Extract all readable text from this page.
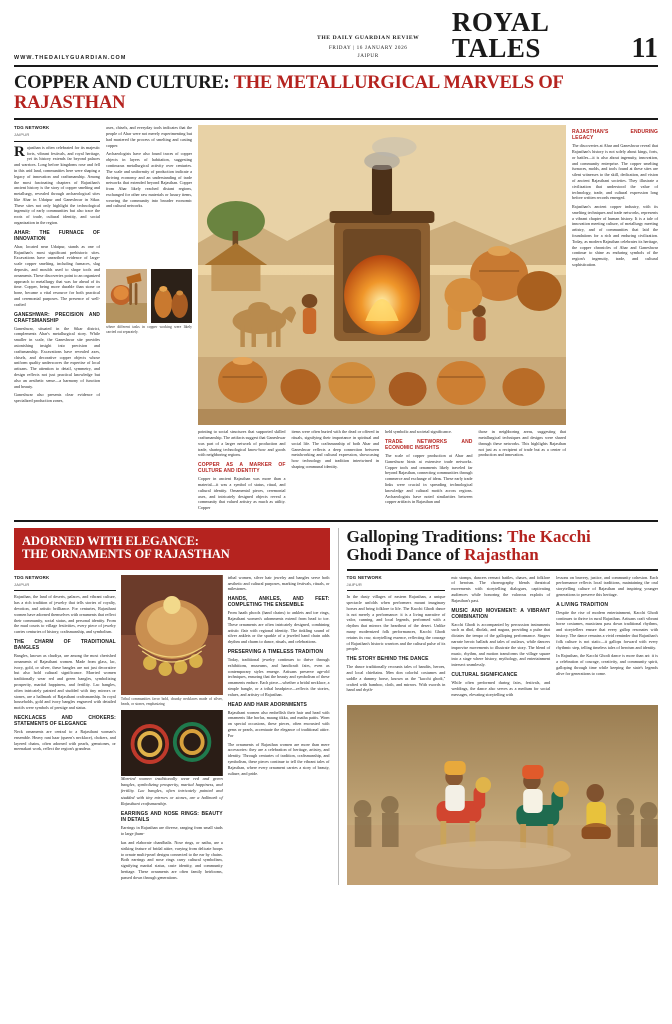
WWW.THEDAILYGUARDIAN.COM
THE DAILY GUARDIAN REVIEW
FRIDAY | 16 JANUARY 2026
JAIPUR
ROYAL TALES	11
COPPER AND CULTURE: THE METALLURGICAL MARVELS OF RAJASTHAN
TDG NETWORK
JAIPUR

Rajasthan is often celebrated for its majestic forts, vibrant festivals, and royal heritage, yet its history extends far beyond palaces and warriors. Long before kingdoms rose and fell in this arid land, communities here were shaping a legacy of innovation and craftsmanship. Among the most fascinating chapters of Rajasthan's ancient history is the story of copper smelting and metallurgy, revealed through archaeological sites like Ahar in Udaipur and Ganeshwar in Sikar. These sites not only highlight the technological ingenuity of early communities but also trace the roots of trade, cultural identity, and social organization in the region.

AHAR: THE FURNACE OF INNOVATION

Ahar, located near Udaipur, stands as one of Rajasthan's most significant prehistoric sites. Excavations have unearthed evidence of large-scale copper smelting, including furnaces, slag deposits, and moulds used to shape tools and ornaments. These discoveries point to an organized approach to metallurgy that was far ahead of its time. Copper, being more durable than stone or bone, became a vital resource for both practical and ceremonial purposes. The presence of well-crafted

GANESHWAR: PRECISION AND CRAFTSMANSHIP

Ganeshwar, situated in the Sikar district, complements Ahar's metallurgical story. While smaller in scale, the Ganeshwar site provides astonishing insight into precision and craftsmanship. Excavations have revealed axes, chisels, and decorative copper objects whose uniform quality underscores the expertise of local artisans. The attention to detail, symmetry, and design reflects not just practical knowledge but also an aesthetic sense—a harmony of function and beauty.

Ganeshwar also presents clear evidence of specialized production zones,

axes, chisels, and everyday tools indicates that the people of Ahar were not merely experimenting but had mastered the process of smelting and casting copper.

Archaeologists have also found traces of copper objects in layers of habitation, suggesting continuous metallurgical activity over centuries. The scale and uniformity of production indicate a thriving economy and an understanding of trade networks that extended beyond Rajasthan. Copper from Ahar likely reached distant regions, exchanged for other raw materials or luxury items, weaving the community into broader economic and cultural networks.

where different tasks in copper working were likely carried out separately.

pointing to social structures that supported skilled craftsmanship. The artifacts suggest that Ganeshwar was part of a larger network of production and trade, sharing technological know-how and goods with neighboring regions.

COPPER AS A MARKER OF CULTURE AND IDENTITY

Copper in ancient Rajasthan was more than a material—it was a symbol of status, ritual, and cultural identity. Ornamental pieces, ceremonial axes, and intricately designed objects reveal a community that valued artistry as much as utility. Copper

items were often buried with the dead or offered in rituals, signifying their importance in spiritual and social life. The craftsmanship of both Ahar and Ganeshwar reflects a deep connection between metalworking and cultural expression, showcasing how technology and tradition intertwined in shaping communal identity.

held symbolic and societal significance.

TRADE NETWORKS AND ECONOMIC INSIGHTS

The scale of copper production at Ahar and Ganeshwar hints at extensive trade networks. Copper tools and ornaments likely traveled far beyond Rajasthan, connecting communities through commerce and exchange of ideas. These early trade links were crucial in spreading technological knowledge and cultural motifs across regions. Archaeologists have noted similarities between copper artifacts in Rajasthan and

those in neighboring areas, suggesting that metallurgical techniques and designs were shared through these networks. This highlights Rajasthan not just as a recipient of trade but as a center of production and innovation.

RAJASTHAN'S ENDURING LEGACY

The discoveries at Ahar and Ganeshwar reveal that Rajasthan's history is not solely about kings, forts, or battles—it is also about ingenuity, innovation, and community enterprise. The copper smelting furnaces, molds, and tools found at these sites are silent witnesses to the skill, dedication, and vision of ancient Rajasthani societies. They illustrate a civilization that understood the value of technology, trade, and cultural expression long before written records emerged.

Rajasthan's ancient copper industry, with its smelting techniques and trade networks, represents a vibrant chapter of human history. It is a tale of innovation meeting culture, of metallurgy meeting artistry, and of communities that laid the foundations for a rich and enduring civilization. Today, as modern Rajasthan celebrates its heritage, the copper chronicles of Ahar and Ganeshwar continue to shine as enduring symbols of the region's ingenuity, trade, and cultural sophistication.

ADORNED WITH ELEGANCE:
THE ORNAMENTS OF RAJASTHAN
TDG NETWORK
JAIPUR

Rajasthan, the land of deserts, palaces, and vibrant culture, has a rich tradition of jewelry that tells stories of royalty, devotion, and artistic brilliance. For centuries, Rajasthani women have adorned themselves with ornaments that reflect their community, social status, and personal identity. From the mud courts to village festivities, every piece of jewelry carries centuries of history, craftsmanship, and symbolism.

THE CHARM OF TRADITIONAL BANGLES

Bangles, known as chudiya, are among the most cherished ornaments of Rajasthani women. Made from glass, lac, ivory, gold, or silver, these bangles are not just decorative but also hold cultural significance. Married women traditionally wear red and green bangles, symbolizing prosperity, marital happiness, and fertility. Lac bangles, often intricately painted and studded with tiny mirrors or stones, are a hallmark of Rajasthani craftsmanship. In royal households, gold and ivory bangles engraved with detailed motifs were symbols of prestige and status.

NECKLACES AND CHOKERS: STATEMENTS OF ELEGANCE

Neck ornaments are central to a Rajasthani woman's ensemble. Heavy rani haar (queen's necklace), chokers, and layered chains, often adorned with pearls, gemstones, or meenakari work, reflect the region's grandeur.

Tribal communities favor bold, chunky necklaces made of silver, beads, or stones, emphasizing

Married women traditionally wear red and green bangles, symbolizing prosperity, marital happiness, and fertility. Lac bangles, often intricately painted and studded with tiny mirrors or stones, are a hallmark of Rajasthani craftsmanship.

EARRINGS AND NOSE RINGS: BEAUTY IN DETAILS

Earrings in Rajasthan are diverse, ranging from small studs to large jhum-

tribal women, silver hair jewelry and bangles serve both aesthetic and cultural purposes, marking festivals, rituals, or milestones.

HANDS, ANKLES, AND FEET: COMPLETING THE ENSEMBLE

From haath phools (hand chains) to anklets and toe rings, Rajasthani women's adornments extend from head to toe. These ornaments are often intricately designed, combining artistic flair with regional identity. The tinkling sound of silver anklets or the sparkle of a jeweled hand chain adds rhythm and charm to dance, rituals, and celebrations.

PRESERVING A TIMELESS TRADITION

Today, traditional jewelry continues to thrive through exhibitions, museums, and handicraft fairs, even as contemporary styles emerge. Artisans preserve age-old techniques, ensuring that the beauty and symbolism of these ornaments endure. Each piece—whether a bridal necklace, a simple bangle, or a tribal headpiece—reflects the stories, values, and artistry of Rajasthan.

HEAD AND HAIR ADORNMENTS

Rajasthani women also embellish their hair and head with ornaments like borlas, maang tikka, and matha pattis. Worn on special occasions, these pieces, often encrusted with gems or pearls, accentuate the elegance of traditional attire. For

The ornaments of Rajasthan women are more than mere accessories: they are a celebration of heritage, artistry, and identity. Through centuries of tradition, craftsmanship, and symbolism, these pieces continue to tell the vibrant tales of Rajasthan, where every ornament carries a story of beauty, culture, and pride.

kas and elaborate chandbalis. Nose rings, or nathu, are a striking feature of bridal attire, varying from delicate hoops to ornate multi-pearl designs connected to the ear by chains. Both earrings and nose rings carry cultural symbolism, signifying marital status, caste identity, and community heritage. These ornaments are often family heirlooms, passed down through generations.

Galloping Traditions: The Kacchi
Ghodi Dance of Rajasthan
TDG NETWORK
JAIPUR

In the dusty villages of eastern Rajasthan, a unique spectacle unfolds when performers mount imaginary horses and bring folklore to life. The Kacchi Ghodi dance is not merely a performance: it is a living narrative of valor, cunning, and local legends, performed with a rhythm that mirrors the heartbeat of the desert. Unlike many modernized folk performances, Kacchi Ghodi retains its raw, storytelling essence, reflecting the courage of Rajasthan's historic warriors and the cultural pulse of its people.

THE STORY BEHIND THE DANCE

The dance traditionally recounts tales of bandits, heroes, and local chieftains. Men don colorful costumes and saddle a dummy horse, known as the "kacchi ghodi," crafted with bamboo, cloth, and mirrors. With swords in hand and rhyth-

mic stomps, dancers reenact battles, chases, and folklore of heroism. The choreography blends theatrical movements with storytelling dialogues, captivating audiences while honoring the valorous exploits of Rajasthan's past.

MUSIC AND MOVEMENT: A VIBRANT COMBINATION

Kacchi Ghodi is accompanied by percussion instruments such as dhol, dholak, and nagara, providing a pulse that dictates the tempo of the galloping performance. Singers narrate heroic ballads and tales of outlaws, while dancers improvise movements to illustrate the story. The blend of music, rhythm, and motion transforms the village square into a stage where history, mythology, and entertainment intersect seamlessly.

CULTURAL SIGNIFICANCE

While often performed during fairs, festivals, and weddings, the dance also serves as a medium for social messages, elevating storytelling with

lessons on bravery, justice, and community cohesion. Each performance reflects local traditions, maintaining the oral storytelling culture of Rajasthan and inspiring younger generations to preserve this heritage.

A LIVING TRADITION

Despite the rise of modern entertainment, Kacchi Ghodi continues to thrive in rural Rajasthan. Artisans craft vibrant horse costumes, musicians pass down traditional rhythms, and storytellers ensure that every gallop resonates with history. The dance remains a vivid reminder that Rajasthan's folk culture is not static—it gallops forward with every rhythmic step, telling timeless tales of heroism and identity.

In Rajasthan, the Kacchi Ghodi dance is more than art: it is a celebration of courage, creativity, and community spirit, galloping through time while keeping the state's legends alive for generations to come.
